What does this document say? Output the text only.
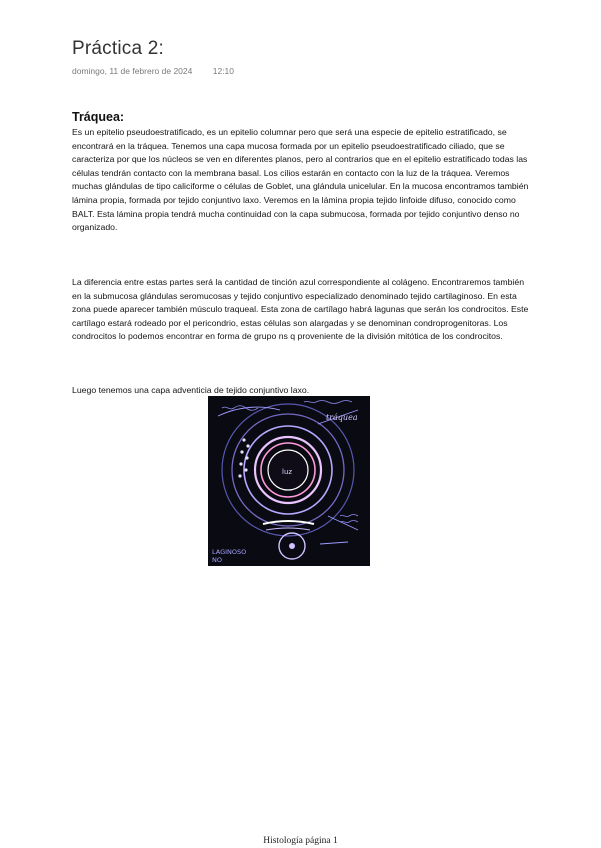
Práctica 2:
domingo, 11 de febrero de 2024 12:10
Tráquea:
Es un epitelio pseudoestratificado, es un epitelio columnar pero que será una especie de epitelio estratificado, se encontrará en la tráquea. Tenemos una capa mucosa formada por un epitelio pseudoestratificado ciliado, que se caracteriza por que los núcleos se ven en diferentes planos, pero al contrarios que en el epitelio estratificado todas las células tendrán contacto con la membrana basal. Los cilios estarán en contacto con la luz de la tráquea. Veremos muchas glándulas de tipo caliciforme o células de Goblet, una glándula unicelular. En la mucosa encontramos también lámina propia, formada por tejido conjuntivo laxo. Veremos en la lámina propia tejido linfoide difuso, conocido como BALT. Esta lámina propia tendrá mucha continuidad con la capa submucosa, formada por tejido conjuntivo denso no organizado.
La diferencia entre estas partes será la cantidad de tinción azul correspondiente al colágeno. Encontraremos también en la submucosa glándulas seromucosas y tejido conjuntivo especializado denominado tejido cartilaginoso. En esta zona puede aparecer también músculo traqueal. Esta zona de cartílago habrá lagunas que serán los condrocitos. Este cartílago estará rodeado por el pericondrio, estas células son alargadas y se denominan condroprogenitoras. Los condrocitos lo podemos encontrar en forma de grupo ns q proveniente de la división mitótica de los condrocitos.
Luego tenemos una capa adventicia de tejido conjuntivo laxo.
luz
tráquea
LAGINOSO
NO
Histología página 1
